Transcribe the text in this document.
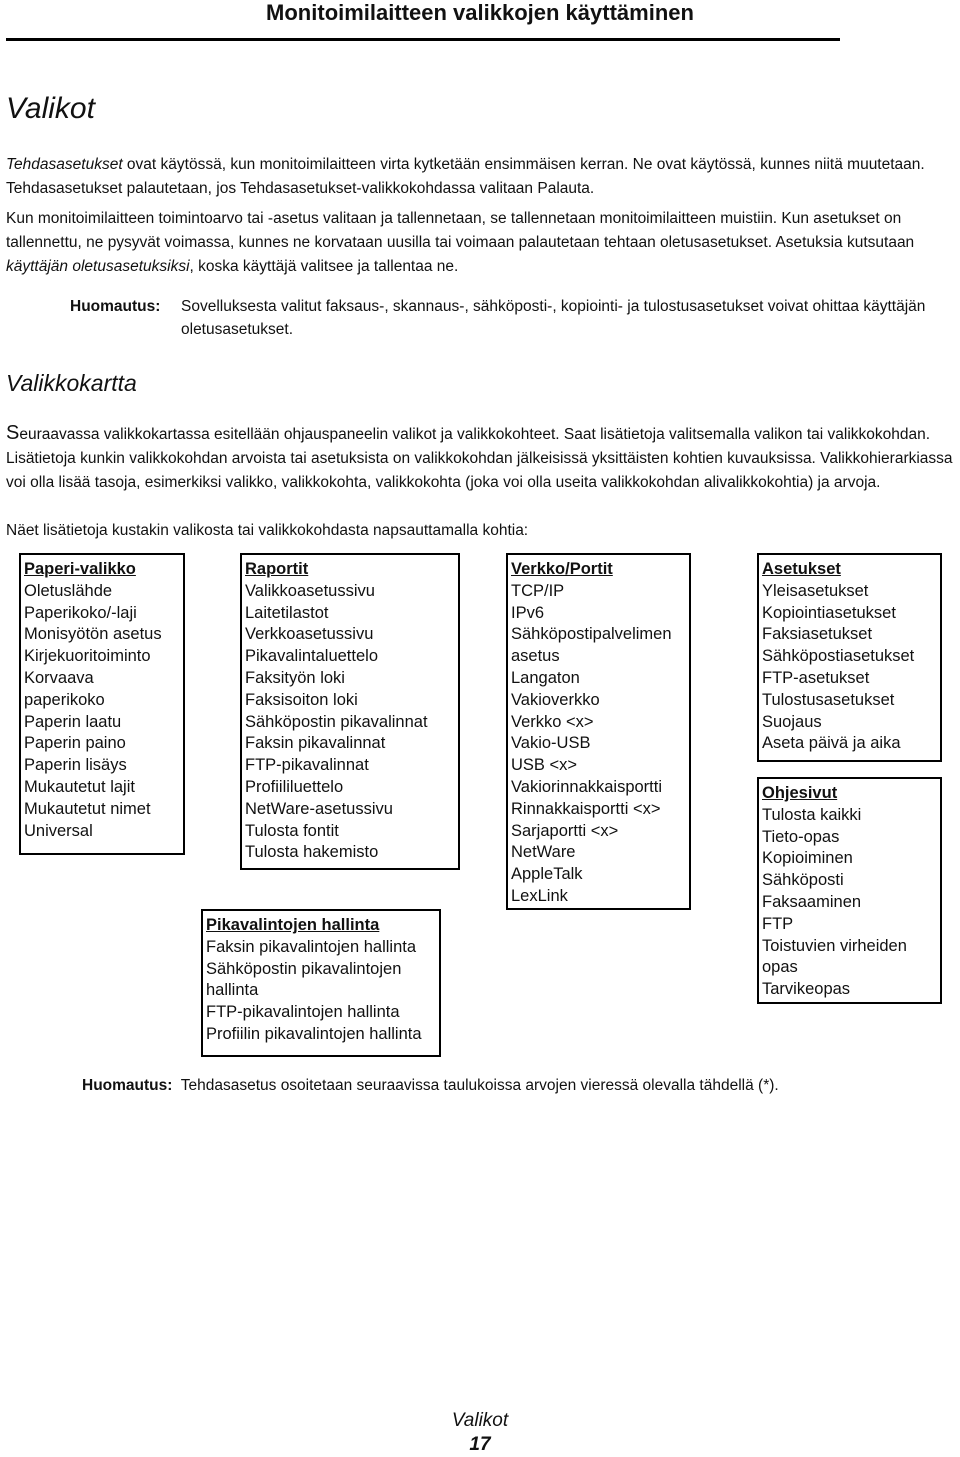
Monitoimilaitteen valikkojen käyttäminen
Valikot

Tehdasasetukset ovat käytössä, kun monitoimilaitteen virta kytketään ensimmäisen kerran. Ne ovat käytössä, kunnes niitä muutetaan. Tehdasasetukset palautetaan, jos Tehdasasetukset-valikkokohdassa valitaan Palauta.

Kun monitoimilaitteen toimintoarvo tai -asetus valitaan ja tallennetaan, se tallennetaan monitoimilaitteen muistiin. Kun asetukset on tallennettu, ne pysyvät voimassa, kunnes ne korvataan uusilla tai voimaan palautetaan tehtaan oletusasetukset. Asetuksia kutsutaan käyttäjän oletusasetuksiksi, koska käyttäjä valitsee ja tallentaa ne.

Huomautus: Sovelluksesta valitut faksaus-, skannaus-, sähköposti-, kopiointi- ja tulostusasetukset voivat ohittaa käyttäjän oletusasetukset.
Valikkokartta

Seuraavassa valikkokartassa esitellään ohjauspaneelin valikot ja valikkokohteet. Saat lisätietoja valitsemalla valikon tai valikkokohdan. Lisätietoja kunkin valikkokohdan arvoista tai asetuksista on valikkokohdan jälkeisissä yksittäisten kohtien kuvauksissa. Valikkohierarkiassa voi olla lisää tasoja, esimerkiksi valikko, valikkokohta, valikkokohta (joka voi olla useita valikkokohdan alivalikkokohtia) ja arvoja.

Näet lisätietoja kustakin valikosta tai valikkokohdasta napsauttamalla kohtia:

Paperi-valikko
Oletuslähde
Paperikoko/-laji
Monisyötön asetus
Kirjekuoritoiminto
Korvaava
paperikoko
Paperin laatu
Paperin paino
Paperin lisäys
Mukautetut lajit
Mukautetut nimet
Universal
Raportit
Valikkoasetussivu
Laitetilastot
Verkkoasetussivu
Pikavalintaluettelo
Faksityön loki
Faksisoiton loki
Sähköpostin pikavalinnat
Faksin pikavalinnat
FTP-pikavalinnat
Profiililuettelo
NetWare-asetussivu
Tulosta fontit
Tulosta hakemisto
Pikavalintojen hallinta
Faksin pikavalintojen hallinta
Sähköpostin pikavalintojen
hallinta
FTP-pikavalintojen hallinta
Profiilin pikavalintojen hallinta
Verkko/Portit
TCP/IP
IPv6
Sähköpostipalvelimen
asetus
Langaton
Vakioverkko
Verkko <x>
Vakio-USB
USB <x>
Vakiorinnakkaisportti
Rinnakkaisportti <x>
Sarjaportti <x>
NetWare
AppleTalk
LexLink
Asetukset
Yleisasetukset
Kopiointiasetukset
Faksiasetukset
Sähköpostiasetukset
FTP-asetukset
Tulostusasetukset
Suojaus
Aseta päivä ja aika
Ohjesivut
Tulosta kaikki
Tieto-opas
Kopioiminen
Sähköposti
Faksaaminen
FTP
Toistuvien virheiden
opas
Tarvikeopas
Huomautus: Tehdasasetus osoitetaan seuraavissa taulukoissa arvojen vieressä olevalla tähdellä (*).
Valikot
17
